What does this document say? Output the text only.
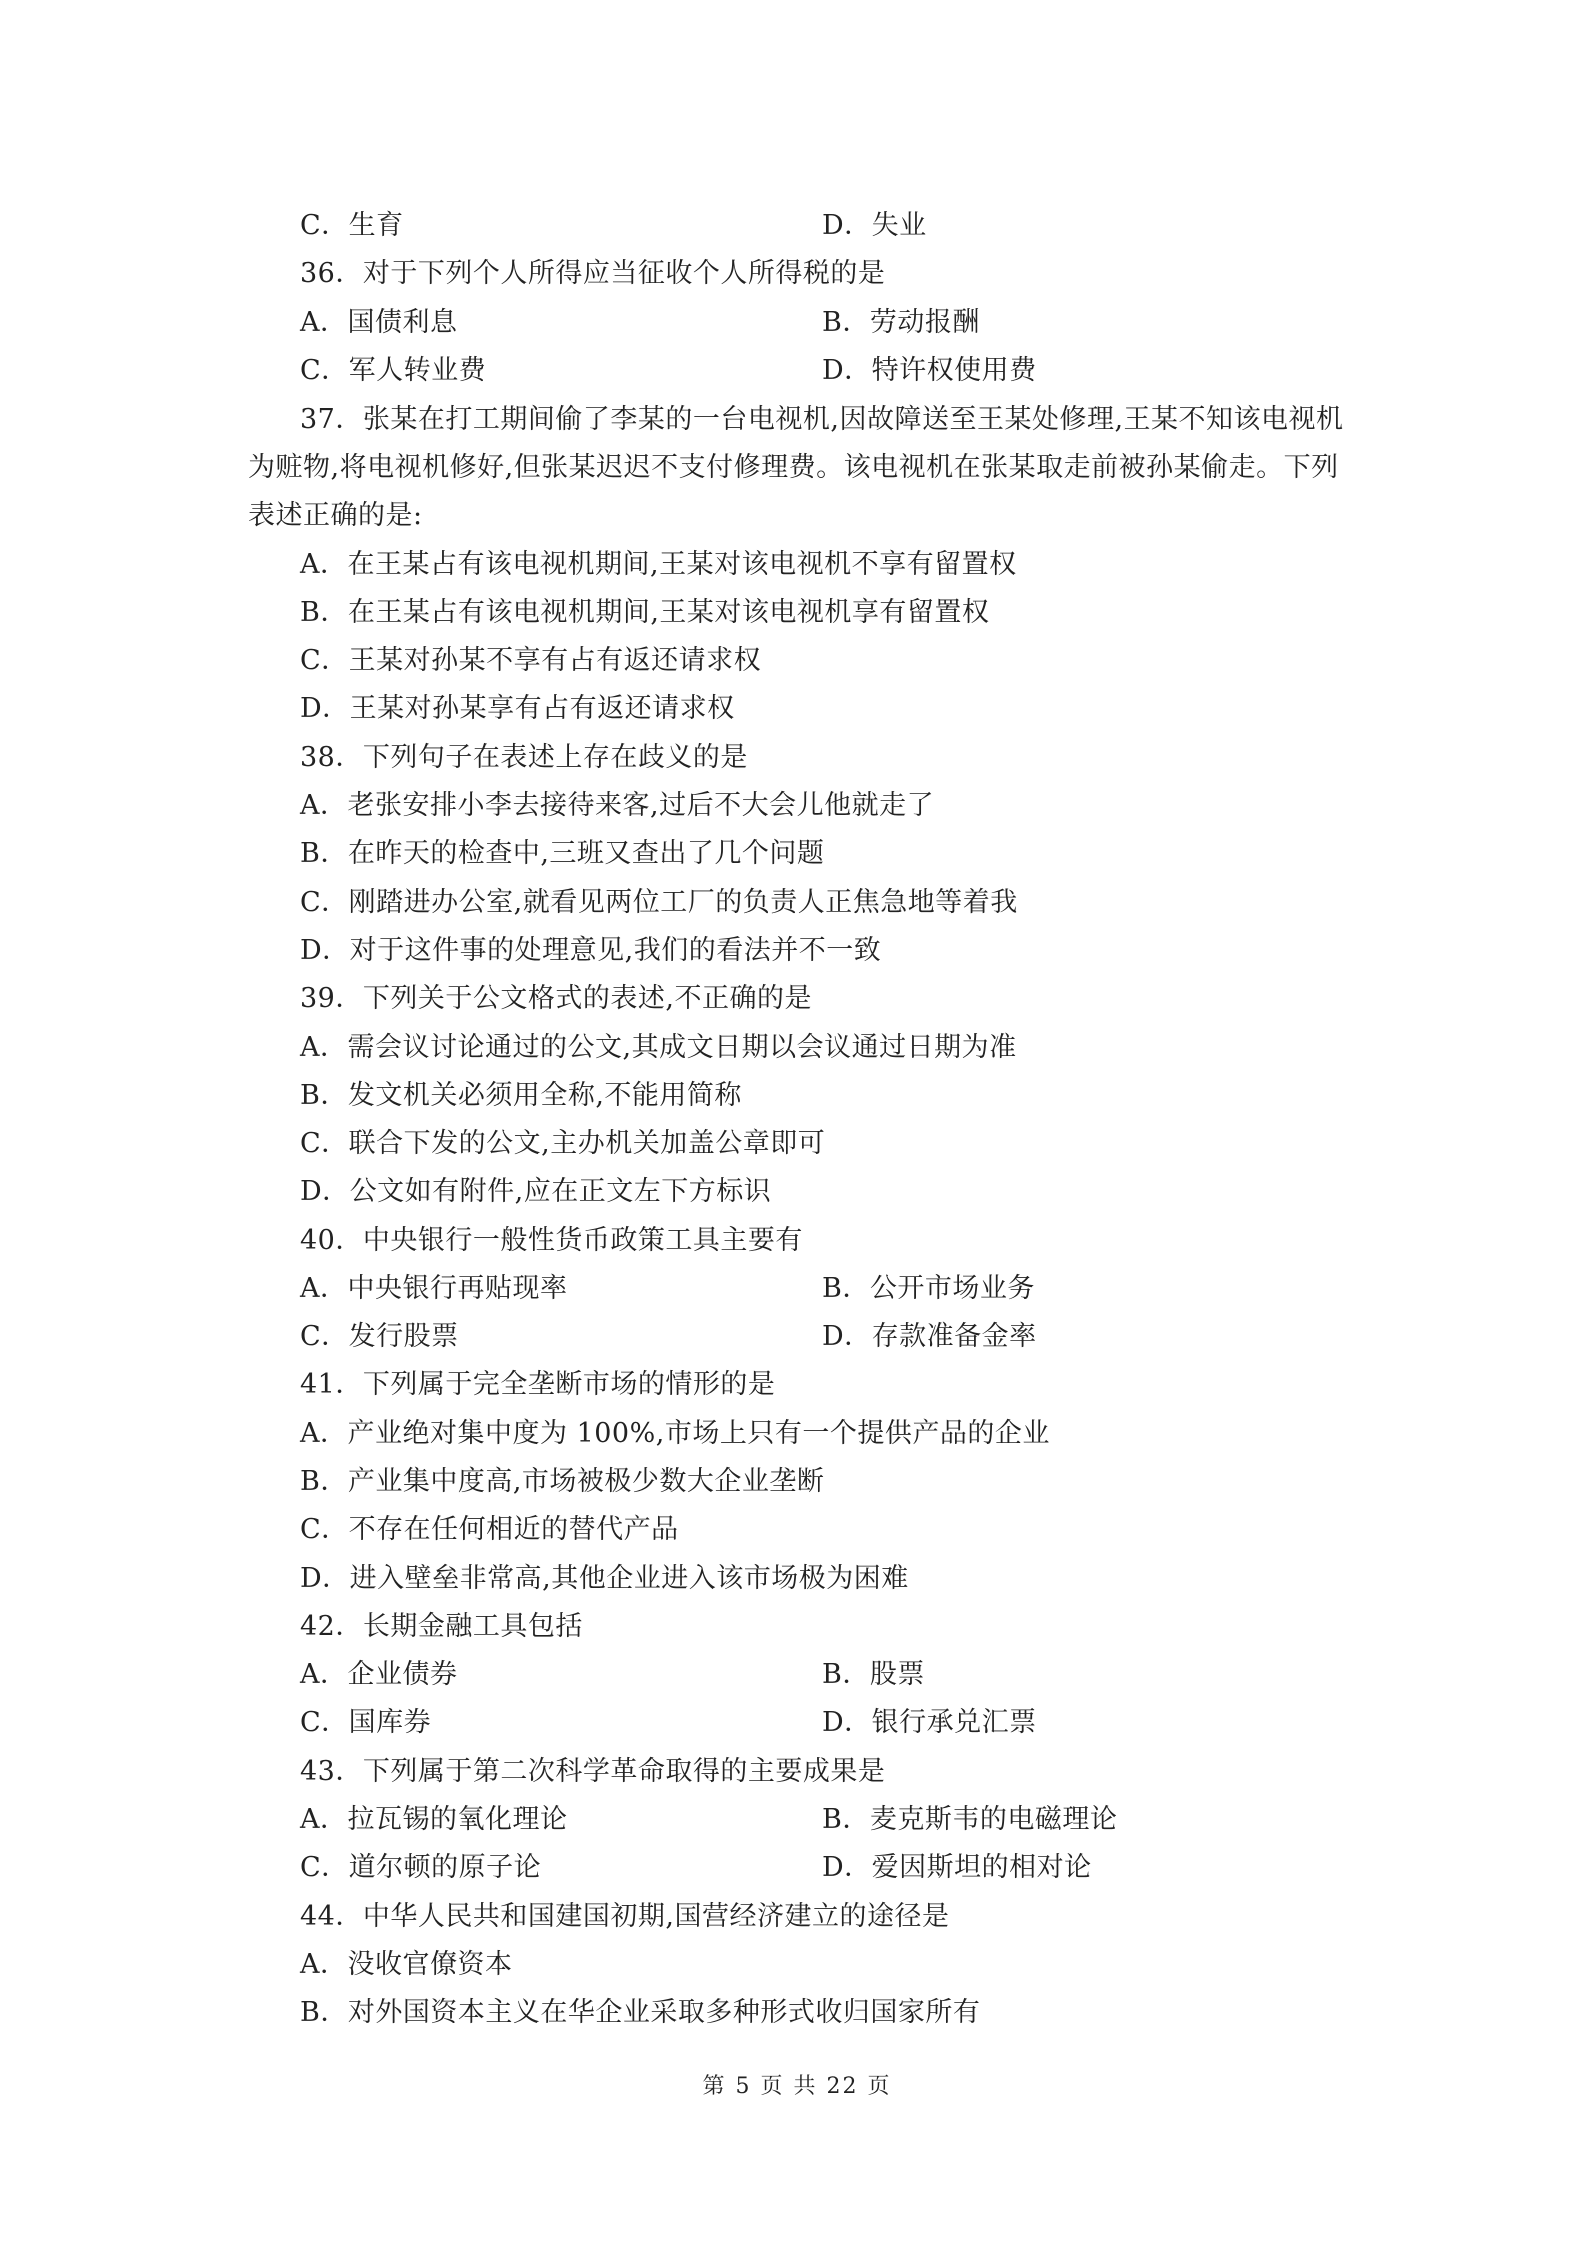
C．生育	D．失业
36．对于下列个人所得应当征收个人所得税的是
A．国债利息	B．劳动报酬
C．军人转业费	D．特许权使用费
37．张某在打工期间偷了李某的一台电视机,因故障送至王某处修理,王某不知该电视机
为赃物,将电视机修好,但张某迟迟不支付修理费。该电视机在张某取走前被孙某偷走。下列
表述正确的是:
A．在王某占有该电视机期间,王某对该电视机不享有留置权
B．在王某占有该电视机期间,王某对该电视机享有留置权
C．王某对孙某不享有占有返还请求权
D．王某对孙某享有占有返还请求权
38．下列句子在表述上存在歧义的是
A．老张安排小李去接待来客,过后不大会儿他就走了
B．在昨天的检查中,三班又查出了几个问题
C．刚踏进办公室,就看见两位工厂的负责人正焦急地等着我
D．对于这件事的处理意见,我们的看法并不一致
39．下列关于公文格式的表述,不正确的是
A．需会议讨论通过的公文,其成文日期以会议通过日期为准
B．发文机关必须用全称,不能用简称
C．联合下发的公文,主办机关加盖公章即可
D．公文如有附件,应在正文左下方标识
40．中央银行一般性货币政策工具主要有
A．中央银行再贴现率	B．公开市场业务
C．发行股票	D．存款准备金率
41．下列属于完全垄断市场的情形的是
A．产业绝对集中度为 100%,市场上只有一个提供产品的企业
B．产业集中度高,市场被极少数大企业垄断
C．不存在任何相近的替代产品
D．进入壁垒非常高,其他企业进入该市场极为困难
42．长期金融工具包括
A．企业债券	B．股票
C．国库券	D．银行承兑汇票
43．下列属于第二次科学革命取得的主要成果是
A．拉瓦锡的氧化理论	B．麦克斯韦的电磁理论
C．道尔顿的原子论	D．爱因斯坦的相对论
44．中华人民共和国建国初期,国营经济建立的途径是
A．没收官僚资本
B．对外国资本主义在华企业采取多种形式收归国家所有
第 5 页 共 22 页
